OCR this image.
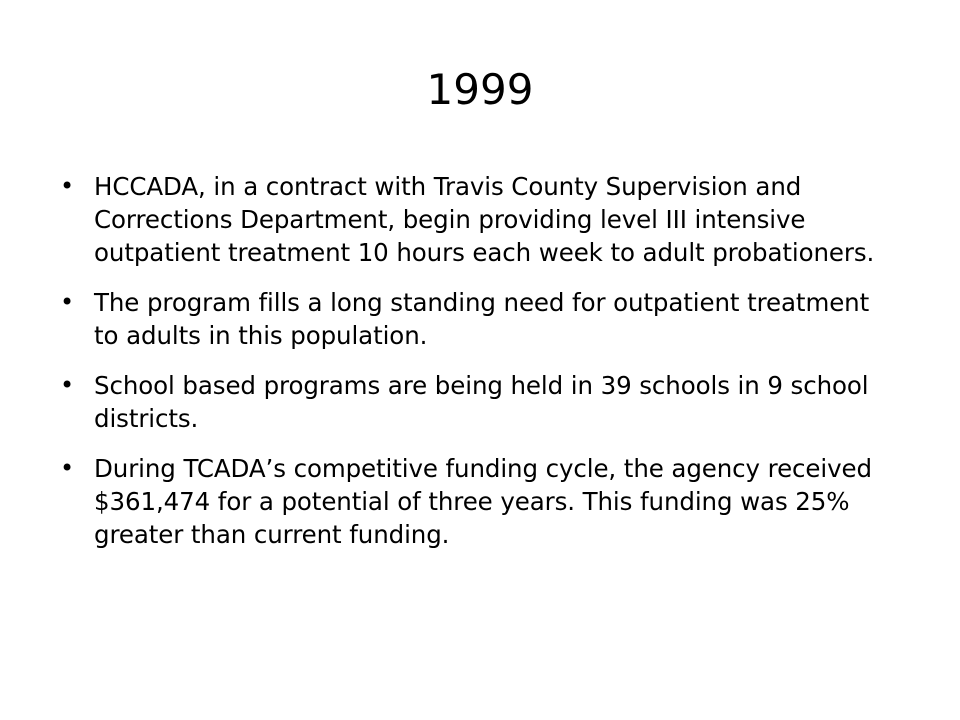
1999
• HCCADA, in a contract with Travis County Supervision and Corrections Department, begin providing level III intensive outpatient treatment 10 hours each week to adult probationers.
• The program fills a long standing need for outpatient treatment to adults in this population.
• School based programs are being held in 39 schools in 9 school districts.
• During TCADA’s competitive funding cycle, the agency received $361,474 for a potential of three years. This funding was 25% greater than current funding.
